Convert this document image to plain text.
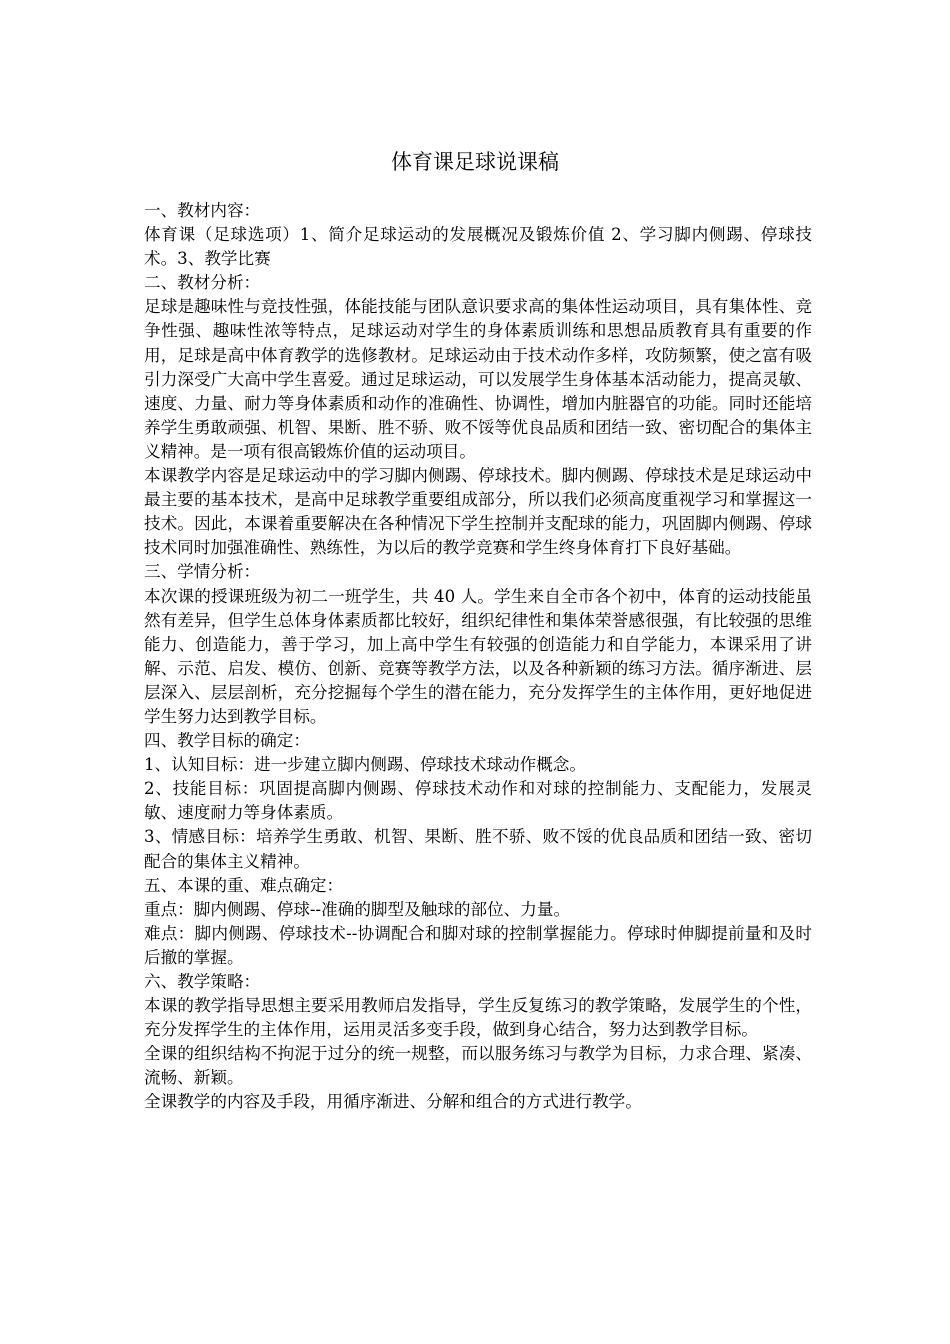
体育课足球说课稿

一、教材内容：

体育课（足球选项）1、简介足球运动的发展概况及锻炼价值 2、学习脚内侧踢、停球技术。3、教学比赛

二、教材分析：

足球是趣味性与竞技性强，体能技能与团队意识要求高的集体性运动项目，具有集体性、竞争性强、趣味性浓等特点，足球运动对学生的身体素质训练和思想品质教育具有重要的作用，足球是高中体育教学的选修教材。足球运动由于技术动作多样，攻防频繁，使之富有吸引力深受广大高中学生喜爱。通过足球运动，可以发展学生身体基本活动能力，提高灵敏、速度、力量、耐力等身体素质和动作的准确性、协调性，增加内脏器官的功能。同时还能培养学生勇敢顽强、机智、果断、胜不骄、败不馁等优良品质和团结一致、密切配合的集体主义精神。是一项有很高锻炼价值的运动项目。

本课教学内容是足球运动中的学习脚内侧踢、停球技术。脚内侧踢、停球技术是足球运动中最主要的基本技术，是高中足球教学重要组成部分，所以我们必须高度重视学习和掌握这一技术。因此，本课着重要解决在各种情况下学生控制并支配球的能力，巩固脚内侧踢、停球技术同时加强准确性、熟练性，为以后的教学竞赛和学生终身体育打下良好基础。

三、学情分析：

本次课的授课班级为初二一班学生，共 40 人。学生来自全市各个初中，体育的运动技能虽然有差异，但学生总体身体素质都比较好，组织纪律性和集体荣誉感很强，有比较强的思维能力、创造能力，善于学习，加上高中学生有较强的创造能力和自学能力，本课采用了讲解、示范、启发、模仿、创新、竞赛等教学方法，以及各种新颖的练习方法。循序渐进、层层深入、层层剖析，充分挖掘每个学生的潜在能力，充分发挥学生的主体作用，更好地促进学生努力达到教学目标。

四、教学目标的确定：

1、认知目标：进一步建立脚内侧踢、停球技术球动作概念。

2、技能目标：巩固提高脚内侧踢、停球技术动作和对球的控制能力、支配能力，发展灵敏、速度耐力等身体素质。

3、情感目标：培养学生勇敢、机智、果断、胜不骄、败不馁的优良品质和团结一致、密切配合的集体主义精神。

五、本课的重、难点确定：

重点：脚内侧踢、停球--准确的脚型及触球的部位、力量。

难点：脚内侧踢、停球技术--协调配合和脚对球的控制掌握能力。停球时伸脚提前量和及时后撤的掌握。

六、教学策略：

本课的教学指导思想主要采用教师启发指导，学生反复练习的教学策略，发展学生的个性，充分发挥学生的主体作用，运用灵活多变手段，做到身心结合，努力达到教学目标。

全课的组织结构不拘泥于过分的统一规整，而以服务练习与教学为目标，力求合理、紧凑、流畅、新颖。

全课教学的内容及手段，用循序渐进、分解和组合的方式进行教学。
